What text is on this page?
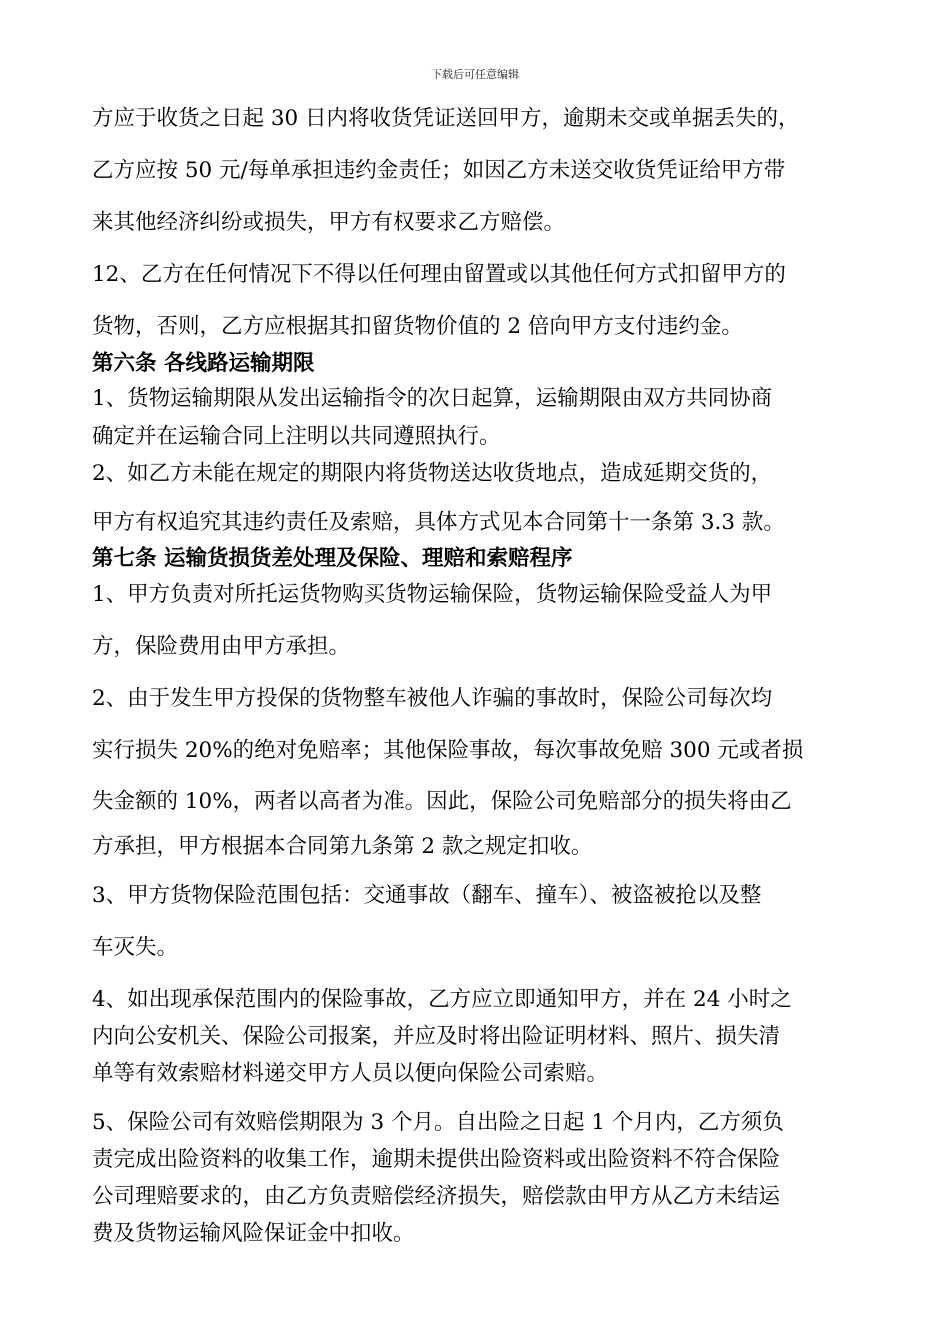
下载后可任意编辑
方应于收货之日起 30 日内将收货凭证送回甲方，逾期未交或单据丢失的，
乙方应按 50 元/每单承担违约金责任；如因乙方未送交收货凭证给甲方带
来其他经济纠纷或损失，甲方有权要求乙方赔偿。
12、乙方在任何情况下不得以任何理由留置或以其他任何方式扣留甲方的
货物，否则，乙方应根据其扣留货物价值的 2 倍向甲方支付违约金。
第六条 各线路运输期限
1、货物运输期限从发出运输指令的次日起算，运输期限由双方共同协商
确定并在运输合同上注明以共同遵照执行。
2、如乙方未能在规定的期限内将货物送达收货地点，造成延期交货的，
甲方有权追究其违约责任及索赔，具体方式见本合同第十一条第 3.3 款。
第七条 运输货损货差处理及保险、理赔和索赔程序
1、甲方负责对所托运货物购买货物运输保险，货物运输保险受益人为甲
方，保险费用由甲方承担。
2、由于发生甲方投保的货物整车被他人诈骗的事故时，保险公司每次均
实行损失 20%的绝对免赔率；其他保险事故，每次事故免赔 300 元或者损
失金额的 10%，两者以高者为准。因此，保险公司免赔部分的损失将由乙
方承担，甲方根据本合同第九条第 2 款之规定扣收。
3、甲方货物保险范围包括：交通事故（翻车、撞车）、被盗被抢以及整
车灭失。
4、如出现承保范围内的保险事故，乙方应立即通知甲方，并在 24 小时之
内向公安机关、保险公司报案，并应及时将出险证明材料、照片、损失清
单等有效索赔材料递交甲方人员以便向保险公司索赔。
5、保险公司有效赔偿期限为 3 个月。自出险之日起 1 个月内，乙方须负
责完成出险资料的收集工作，逾期未提供出险资料或出险资料不符合保险
公司理赔要求的，由乙方负责赔偿经济损失，赔偿款由甲方从乙方未结运
费及货物运输风险保证金中扣收。
